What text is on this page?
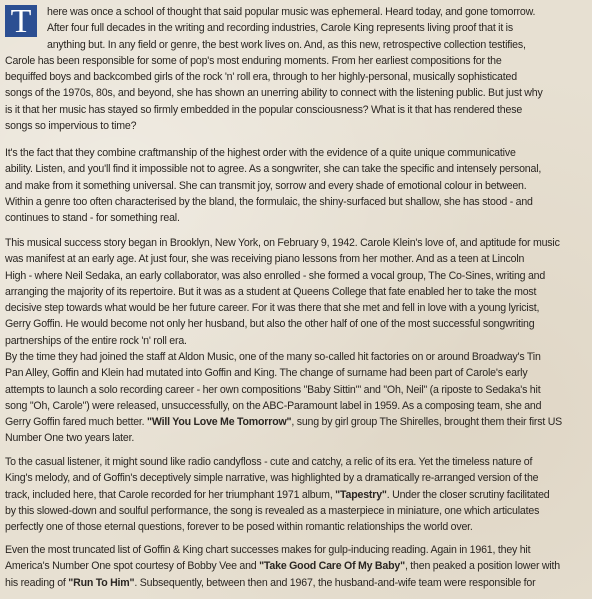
T	here was once a school of thought that said popular music was ephemeral. Heard today, and gone tomorrow.
After four full decades in the writing and recording industries, Carole King represents living proof that it is
anything but. In any field or genre, the best work lives on. And, as this new, retrospective collection testifies,
Carole has been responsible for some of pop's most enduring moments. From her earliest compositions for the
bequiffed boys and backcombed girls of the rock 'n' roll era, through to her highly-personal, musically sophisticated
songs of the 1970s, 80s, and beyond, she has shown an unerring ability to connect with the listening public. But just why
is it that her music has stayed so firmly embedded in the popular consciousness? What is it that has rendered these
songs so impervious to time?
It's the fact that they combine craftmanship of the highest order with the evidence of a quite unique communicative
ability. Listen, and you'll find it impossible not to agree. As a songwriter, she can take the specific and intensely personal,
and make from it something universal. She can transmit joy, sorrow and every shade of emotional colour in between.
Within a genre too often characterised by the bland, the formulaic, the shiny-surfaced but shallow, she has stood - and
continues to stand - for something real.
This musical success story began in Brooklyn, New York, on February 9, 1942. Carole Klein's love of, and aptitude for music
was manifest at an early age. At just four, she was receiving piano lessons from her mother. And as a teen at Lincoln
High - where Neil Sedaka, an early collaborator, was also enrolled - she formed a vocal group, The Co-Sines, writing and
arranging the majority of its repertoire. But it was as a student at Queens College that fate enabled her to take the most
decisive step towards what would be her future career. For it was there that she met and fell in love with a young lyricist,
Gerry Goffin. He would become not only her husband, but also the other half of one of the most successful songwriting
partnerships of the entire rock 'n' roll era.
By the time they had joined the staff at Aldon Music, one of the many so-called hit factories on or around Broadway's Tin
Pan Alley, Goffin and Klein had mutated into Goffin and King. The change of surname had been part of Carole's early
attempts to launch a solo recording career - her own compositions "Baby Sittin'" and "Oh, Neil" (a riposte to Sedaka's hit
song "Oh, Carole") were released, unsuccessfully, on the ABC-Paramount label in 1959. As a composing team, she and
Gerry Goffin fared much better. "Will You Love Me Tomorrow", sung by girl group The Shirelles, brought them their first US
Number One two years later.
To the casual listener, it might sound like radio candyfloss - cute and catchy, a relic of its era. Yet the timeless nature of
King's melody, and of Goffin's deceptively simple narrative, was highlighted by a dramatically re-arranged version of the
track, included here, that Carole recorded for her triumphant 1971 album, "Tapestry". Under the closer scrutiny facilitated
by this slowed-down and soulful performance, the song is revealed as a masterpiece in miniature, one which articulates
perfectly one of those eternal questions, forever to be posed within romantic relationships the world over.
Even the most truncated list of Goffin & King chart successes makes for gulp-inducing reading. Again in 1961, they hit
America's Number One spot courtesy of Bobby Vee and "Take Good Care Of My Baby", then peaked a position lower with
his reading of "Run To Him". Subsequently, between then and 1967, the husband-and-wife team were responsible for
